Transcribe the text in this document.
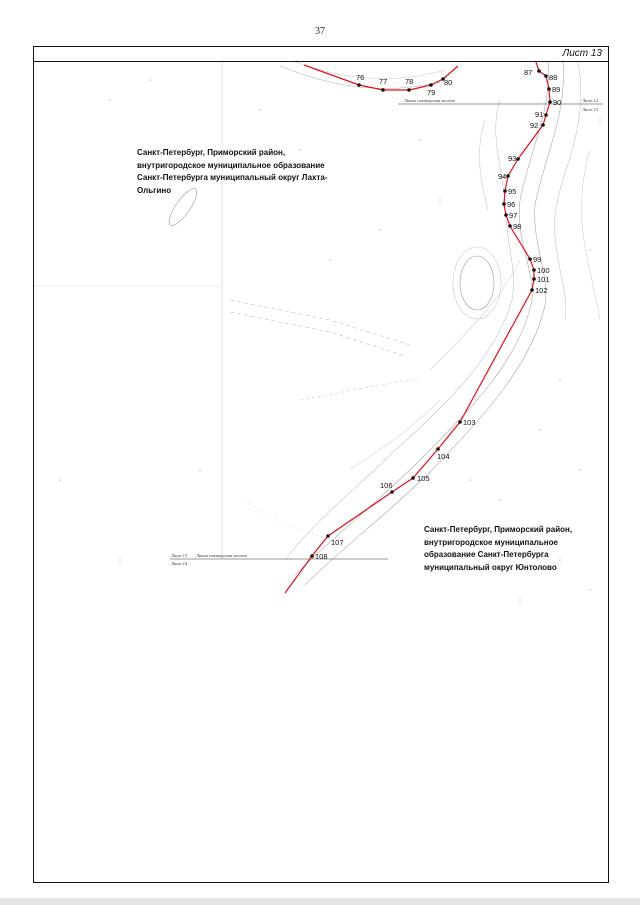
37
Лист 13
Линия совмещения листов	Лист 12
Лист 13
Линия совмещения листов
Лист 13
Лист 14
76 77 78
79
80
87
88
89
90
91
92
93
94
95
96
97
98
99
100
101
102
103
104
105
106
107
108
Санкт-Петербург, Приморский район, внутригородское муниципальное образование Санкт-Петербурга муниципальный округ Лахта-Ольгино
Санкт-Петербург, Приморский район, внутригородское муниципальное образование Санкт-Петербурга муниципальный округ Юнтолово
